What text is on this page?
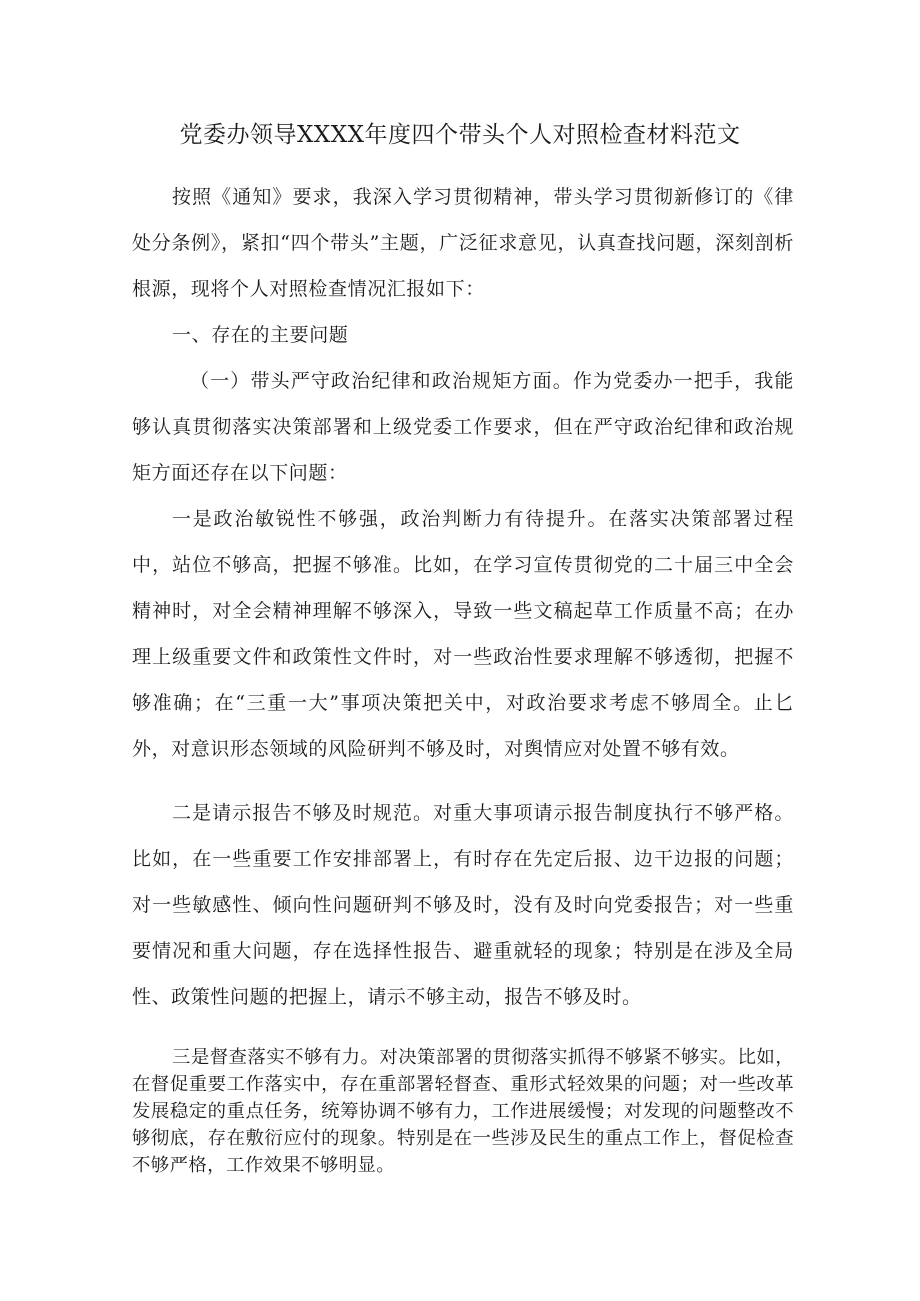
党委办领导XXXX年度四个带头个人对照检查材料范文
按照《通知》要求，我深入学习贯彻精神，带头学习贯彻新修订的《律处分条例》，紧扣“四个带头”主题，广泛征求意见，认真查找问题，深刻剖析根源，现将个人对照检查情况汇报如下：
一、存在的主要问题
（一）带头严守政治纪律和政治规矩方面。作为党委办一把手，我能够认真贯彻落实决策部署和上级党委工作要求，但在严守政治纪律和政治规矩方面还存在以下问题：
一是政治敏锐性不够强，政治判断力有待提升。在落实决策部署过程中，站位不够高，把握不够准。比如，在学习宣传贯彻党的二十届三中全会精神时，对全会精神理解不够深入，导致一些文稿起草工作质量不高；在办理上级重要文件和政策性文件时，对一些政治性要求理解不够透彻，把握不够准确；在“三重一大”事项决策把关中，对政治要求考虑不够周全。止匕外，对意识形态领域的风险研判不够及时，对舆情应对处置不够有效。
二是请示报告不够及时规范。对重大事项请示报告制度执行不够严格。比如，在一些重要工作安排部署上，有时存在先定后报、边干边报的问题；对一些敏感性、倾向性问题研判不够及时，没有及时向党委报告；对一些重要情况和重大问题，存在选择性报告、避重就轻的现象；特别是在涉及全局性、政策性问题的把握上，请示不够主动，报告不够及时。
三是督查落实不够有力。对决策部署的贯彻落实抓得不够紧不够实。比如，在督促重要工作落实中，存在重部署轻督查、重形式轻效果的问题；对一些改革发展稳定的重点任务，统筹协调不够有力，工作进展缓慢；对发现的问题整改不够彻底，存在敷衍应付的现象。特别是在一些涉及民生的重点工作上，督促检查不够严格，工作效果不够明显。
